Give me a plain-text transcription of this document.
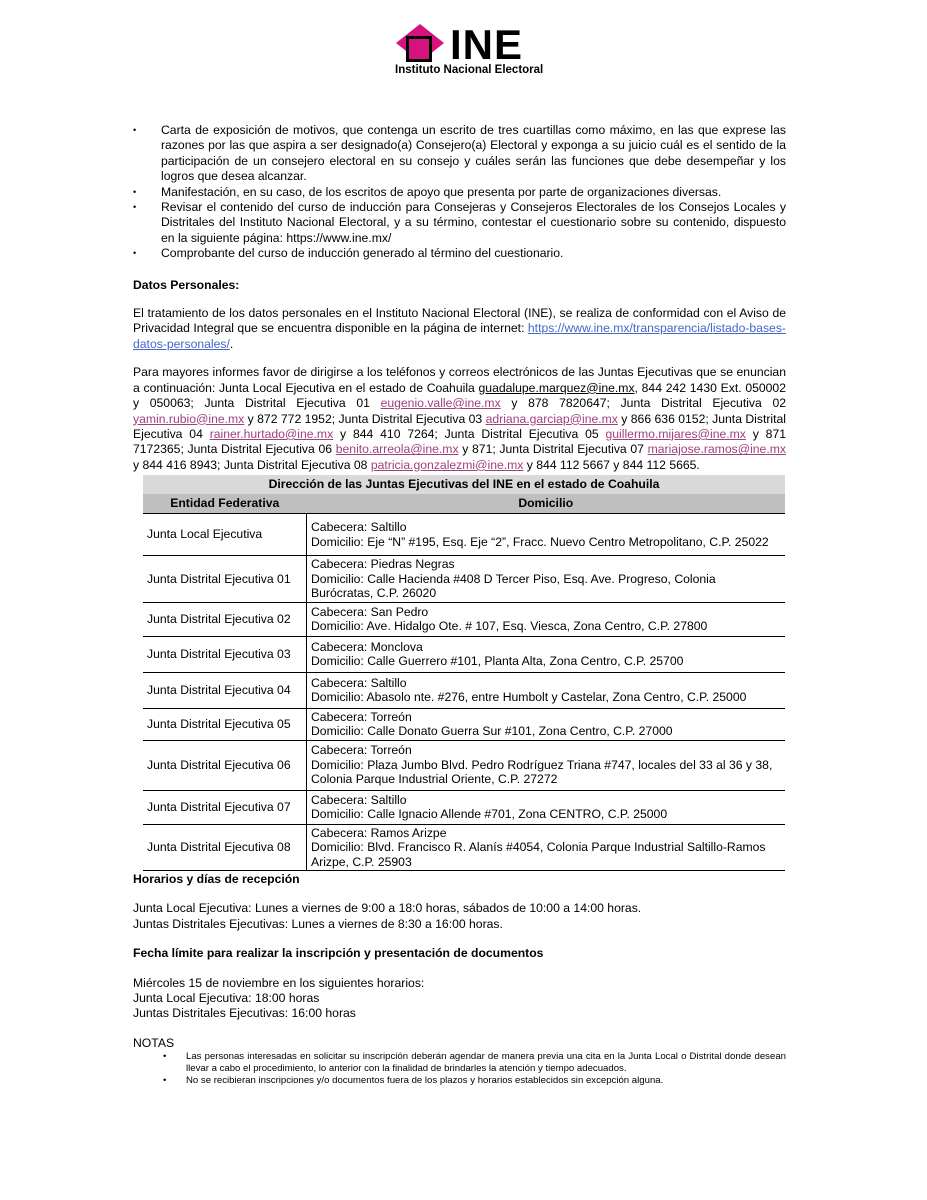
INE
Instituto Nacional Electoral
• Carta de exposición de motivos, que contenga un escrito de tres cuartillas como máximo, en las que exprese las razones por las que aspira a ser designado(a) Consejero(a) Electoral y exponga a su juicio cuál es el sentido de la participación de un consejero electoral en su consejo y cuáles serán las funciones que debe desempeñar y los logros que desea alcanzar.
• Manifestación, en su caso, de los escritos de apoyo que presenta por parte de organizaciones diversas.
• Revisar el contenido del curso de inducción para Consejeras y Consejeros Electorales de los Consejos Locales y Distritales del Instituto Nacional Electoral, y a su término, contestar el cuestionario sobre su contenido, dispuesto en la siguiente página: https://www.ine.mx/
• Comprobante del curso de inducción generado al término del cuestionario.
Datos Personales:

El tratamiento de los datos personales en el Instituto Nacional Electoral (INE), se realiza de conformidad con el Aviso de Privacidad Integral que se encuentra disponible en la página de internet: https://www.ine.mx/transparencia/listado-bases-datos-personales/.

Para mayores informes favor de dirigirse a los teléfonos y correos electrónicos de las Juntas Ejecutivas que se enuncian a continuación: Junta Local Ejecutiva en el estado de Coahuila guadalupe.marquez@ine.mx, 844 242 1430 Ext. 050002 y 050063; Junta Distrital Ejecutiva 01 eugenio.valle@ine.mx y 878 7820647; Junta Distrital Ejecutiva 02 yamin.rubio@ine.mx y 872 772 1952; Junta Distrital Ejecutiva 03 adriana.garciap@ine.mx y 866 636 0152; Junta Distrital Ejecutiva 04 rainer.hurtado@ine.mx y 844 410 7264; Junta Distrital Ejecutiva 05 guillermo.mijares@ine.mx y 871 7172365; Junta Distrital Ejecutiva 06 benito.arreola@ine.mx y 871; Junta Distrital Ejecutiva 07 mariajose.ramos@ine.mx y 844 416 8943; Junta Distrital Ejecutiva 08 patricia.gonzalezmi@ine.mx y 844 112 5667 y 844 112 5665.

Dirección de las Juntas Ejecutivas del INE en el estado de Coahuila	
Entidad Federativa	Domicilio
Junta Local Ejecutiva	Cabecera: Saltillo
Domicilio: Eje “N” #195, Esq. Eje “2”, Fracc. Nuevo Centro Metropolitano, C.P. 25022

Junta Distrital Ejecutiva 01	Cabecera: Piedras Negras
Domicilio: Calle Hacienda #408 D Tercer Piso, Esq. Ave. Progreso, Colonia Burócratas, C.P. 26020

Junta Distrital Ejecutiva 02	Cabecera: San Pedro
Domicilio: Ave. Hidalgo Ote. # 107, Esq. Viesca, Zona Centro, C.P. 27800

Junta Distrital Ejecutiva 03	Cabecera: Monclova
Domicilio: Calle Guerrero #101, Planta Alta, Zona Centro, C.P. 25700

Junta Distrital Ejecutiva 04	Cabecera: Saltillo
Domicilio: Abasolo nte. #276, entre Humbolt y Castelar, Zona Centro, C.P. 25000

Junta Distrital Ejecutiva 05	Cabecera: Torreón
Domicilio: Calle Donato Guerra Sur #101, Zona Centro, C.P. 27000

Junta Distrital Ejecutiva 06	Cabecera: Torreón
Domicilio: Plaza Jumbo Blvd. Pedro Rodríguez Triana #747, locales del 33 al 36 y 38, Colonia Parque Industrial Oriente, C.P. 27272

Junta Distrital Ejecutiva 07	Cabecera: Saltillo
Domicilio: Calle Ignacio Allende #701, Zona CENTRO, C.P. 25000

Junta Distrital Ejecutiva 08	Cabecera: Ramos Arizpe
Domicilio: Blvd. Francisco R. Alanís #4054, Colonia Parque Industrial Saltillo-Ramos Arizpe, C.P. 25903
Horarios y días de recepción

Junta Local Ejecutiva: Lunes a viernes de 9:00 a 18:0 horas, sábados de 10:00 a 14:00 horas.
Juntas Distritales Ejecutivas: Lunes a viernes de 8:30 a 16:00 horas.

Fecha límite para realizar la inscripción y presentación de documentos

Miércoles 15 de noviembre en los siguientes horarios:
Junta Local Ejecutiva: 18:00 horas
Juntas Distritales Ejecutivas: 16:00 horas

NOTAS
• Las personas interesadas en solicitar su inscripción deberán agendar de manera previa una cita en la Junta Local o Distrital donde desean llevar a cabo el procedimiento, lo anterior con la finalidad de brindarles la atención y tiempo adecuados.
• No se recibieran inscripciones y/o documentos fuera de los plazos y horarios establecidos sin excepción alguna.
